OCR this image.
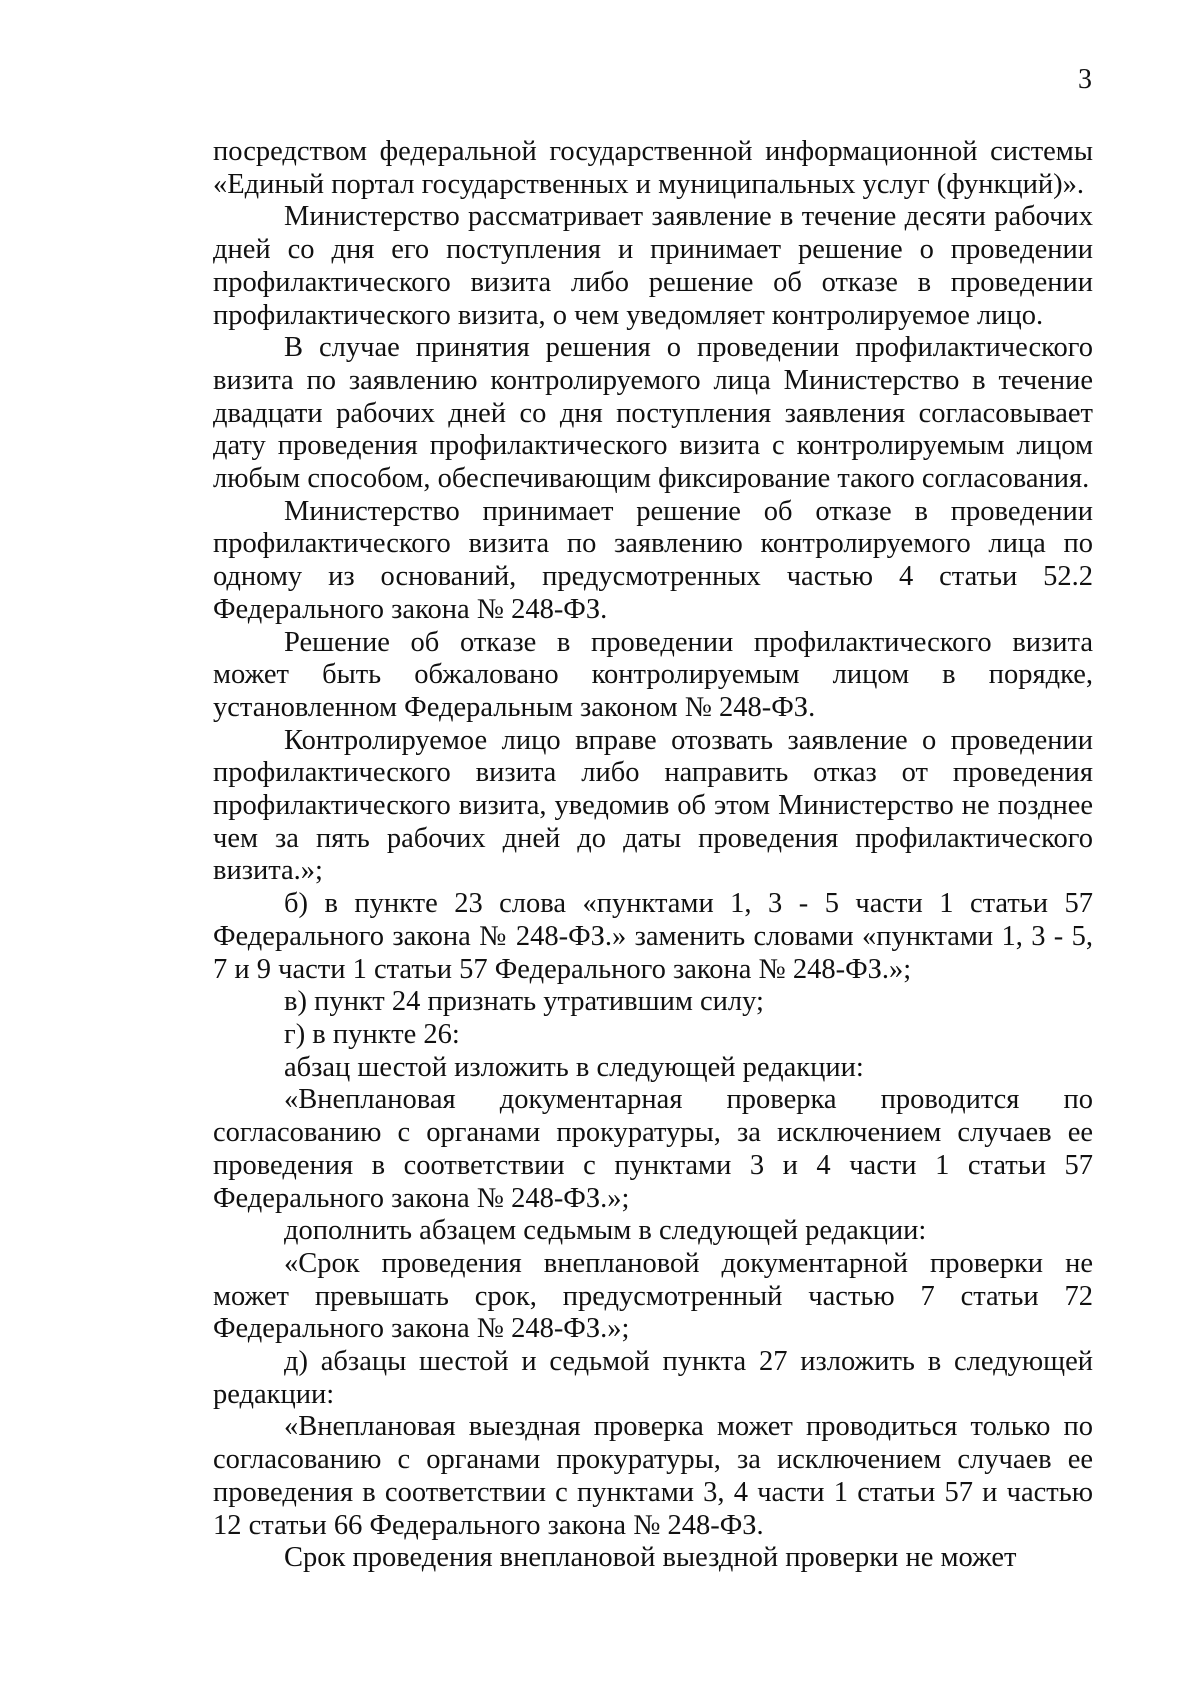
3

посредством федеральной государственной информационной системы «Единый портал государственных и муниципальных услуг (функций)».

Министерство рассматривает заявление в течение десяти рабочих дней со дня его поступления и принимает решение о проведении профилактического визита либо решение об отказе в проведении профилактического визита, о чем уведомляет контролируемое лицо.

В случае принятия решения о проведении профилактического визита по заявлению контролируемого лица Министерство в течение двадцати рабочих дней со дня поступления заявления согласовывает дату проведения профилактического визита с контролируемым лицом любым способом, обеспечивающим фиксирование такого согласования.

Министерство принимает решение об отказе в проведении профилактического визита по заявлению контролируемого лица по одному из оснований, предусмотренных частью 4 статьи 52.2 Федерального закона № 248-ФЗ.

Решение об отказе в проведении профилактического визита может быть обжаловано контролируемым лицом в порядке, установленном Федеральным законом № 248-ФЗ.

Контролируемое лицо вправе отозвать заявление о проведении профилактического визита либо направить отказ от проведения профилактического визита, уведомив об этом Министерство не позднее чем за пять рабочих дней до даты проведения профилактического визита.»;

б) в пункте 23 слова «пунктами 1, 3 - 5 части 1 статьи 57 Федерального закона № 248-ФЗ.» заменить словами «пунктами 1, 3 - 5, 7 и 9 части 1 статьи 57 Федерального закона № 248-ФЗ.»;

в) пункт 24 признать утратившим силу;

г) в пункте 26:

абзац шестой изложить в следующей редакции:

«Внеплановая документарная проверка проводится по согласованию с органами прокуратуры, за исключением случаев ее проведения в соответствии с пунктами 3 и 4 части 1 статьи 57 Федерального закона № 248-ФЗ.»;

дополнить абзацем седьмым в следующей редакции:

«Срок проведения внеплановой документарной проверки не может превышать срок, предусмотренный частью 7 статьи 72 Федерального закона № 248-ФЗ.»;

д) абзацы шестой и седьмой пункта 27 изложить в следующей редакции:

«Внеплановая выездная проверка может проводиться только по согласованию с органами прокуратуры, за исключением случаев ее проведения в соответствии с пунктами 3, 4 части 1 статьи 57 и частью 12 статьи 66 Федерального закона № 248-ФЗ.

Срок проведения внеплановой выездной проверки не может
